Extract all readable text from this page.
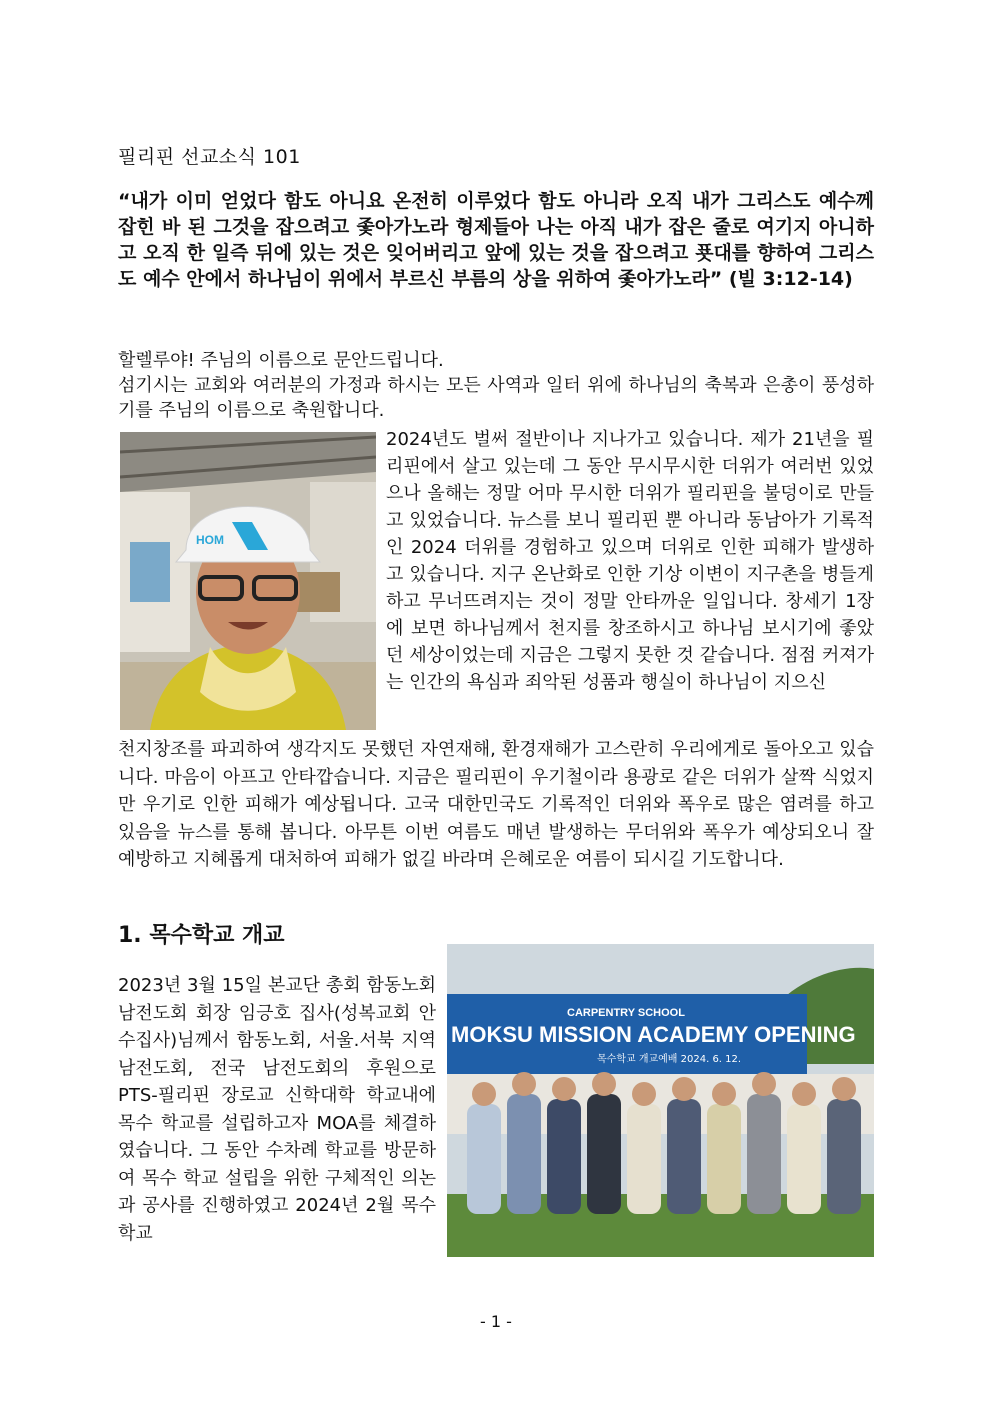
필리핀 선교소식 101
“내가 이미 얻었다 함도 아니요 온전히 이루었다 함도 아니라 오직 내가 그리스도 예수께 잡힌 바 된 그것을 잡으려고 좇아가노라 형제들아 나는 아직 내가 잡은 줄로 여기지 아니하고 오직 한 일즉 뒤에 있는 것은 잊어버리고 앞에 있는 것을 잡으려고 푯대를 향하여 그리스도 예수 안에서 하나님이 위에서 부르신 부름의 상을 위하여 좇아가노라” (빌 3:12-14)
할렐루야! 주님의 이름으로 문안드립니다.
섬기시는 교회와 여러분의 가정과 하시는 모든 사역과 일터 위에 하나님의 축복과 은총이 풍성하기를 주님의 이름으로 축원합니다.
HOM
2024년도 벌써 절반이나 지나가고 있습니다. 제가 21년을 필리핀에서 살고 있는데 그 동안 무시무시한 더위가 여러번 있었으나 올해는 정말 어마 무시한 더위가 필리핀을 불덩이로 만들고 있었습니다. 뉴스를 보니 필리핀 뿐 아니라 동남아가 기록적인 2024 더위를 경험하고 있으며 더위로 인한 피해가 발생하고 있습니다. 지구 온난화로 인한 기상 이변이 지구촌을 병들게하고 무너뜨려지는 것이 정말 안타까운 일입니다. 창세기 1장에 보면 하나님께서 천지를 창조하시고 하나님 보시기에 좋았던 세상이었는데 지금은 그렇지 못한 것 같습니다. 점점 커져가는 인간의 욕심과 죄악된 성품과 행실이 하나님이 지으신
천지창조를 파괴하여 생각지도 못했던 자연재해, 환경재해가 고스란히 우리에게로 돌아오고 있습니다. 마음이 아프고 안타깝습니다. 지금은 필리핀이 우기철이라 용광로 같은 더위가 살짝 식었지만 우기로 인한 피해가 예상됩니다. 고국 대한민국도 기록적인 더위와 폭우로 많은 염려를 하고 있음을 뉴스를 통해 봅니다. 아무튼 이번 여름도 매년 발생하는 무더위와 폭우가 예상되오니 잘 예방하고 지혜롭게 대처하여 피해가 없길 바라며 은혜로운 여름이 되시길 기도합니다.
1. 목수학교 개교
2023년 3월 15일 본교단 총회 함동노회 남전도회 회장 임긍호 집사(성복교회 안수집사)님께서 함동노회, 서울.서북 지역 남전도회, 전국 남전도회의 후원으로 PTS-필리핀 장로교 신학대학 학교내에 목수 학교를 설립하고자 MOA를 체결하였습니다. 그 동안 수차례 학교를 방문하여 목수 학교 설립을 위한 구체적인 의논과 공사를 진행하였고 2024년 2월 목수 학교
CARPENTRY SCHOOL
MOKSU MISSION ACADEMY OPENING
목수학교 개교예배 2024. 6. 12.
- 1 -
